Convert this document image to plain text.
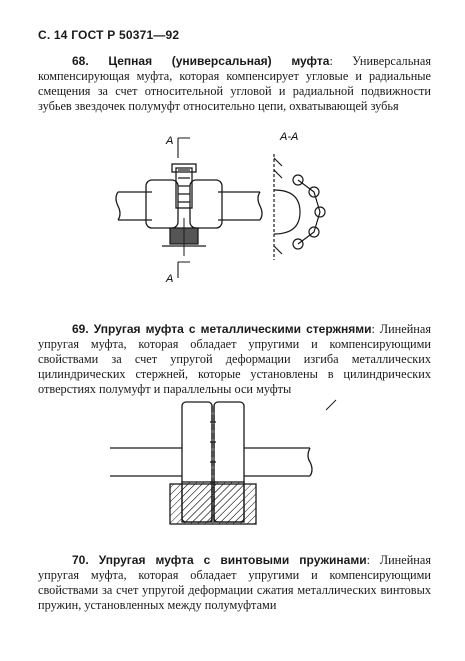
С. 14 ГОСТ Р 50371—92
68. Цепная (универсальная) муфта: Универсальная компенсирующая муфта, которая компенсирует угловые и радиальные смещения за счет относительной угловой и радиальной подвижности зубьев звездочек полумуфт относительно цепи, охватывающей зубья
А
А
А-А
69. Упругая муфта с металлическими стержнями: Линейная упругая муфта, которая обладает упругими и компенсирующими свойствами за счет упругой деформации изгиба металлических цилиндрических стержней, которые установлены в цилиндрических отверстиях полумуфт и параллельны оси муфты
70. Упругая муфта с винтовыми пружинами: Линейная упругая муфта, которая обладает упругими и компенсирующими свойствами за счет упругой деформации сжатия металлических винтовых пружин, установленных между полумуфтами
